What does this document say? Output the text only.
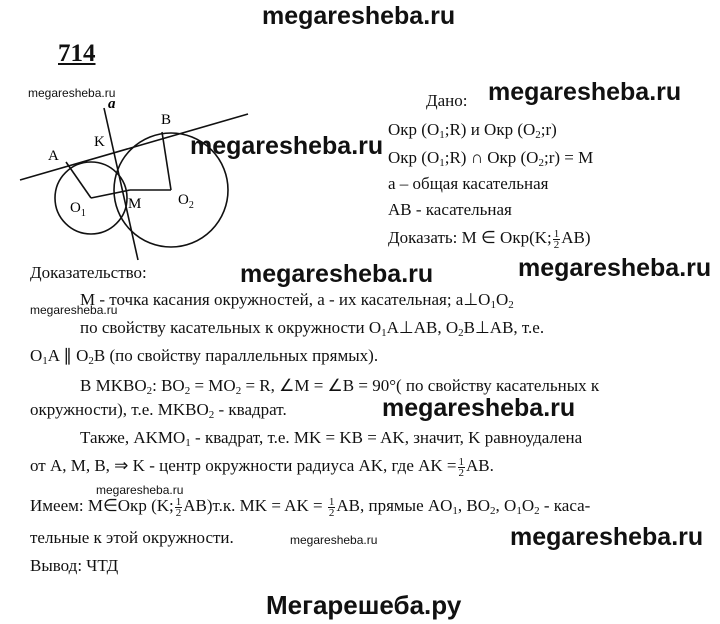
megaresheba.ru
714
megaresheba.ru
a
K
B
A
$O_1$
M $O_2$
Дано: megaresheba.ru
Окр $(O_1;R)$ и Окр $(O_2;r)$
megaresheba.ru Окр $(O_1;R)$ ∩ Окр $(O_2;r) = M$
a – общая касательная
AB - касательная
Доказать: M ∈ Окр(K; $\frac{1}{2} AB$)
Доказательство:	megaresheba.ru	megaresheba.ru
M - точка касания окружностей, a - их касательная; $a\perp O_1O_2$
megaresheba.ru
по свойству касательных к окружности $O_1A\perp AB$, $O_2B\perp AB$, т.е.
$O_1A$ ∥ $O_2B$ (по свойству параллельных прямых).
В $MKBO_2$: $BO_2 = MO_2 = R$, ∠M = ∠B = 90°( по свойству касательных к
окружности), т.е. $MKBO_2$ - квадрат.	megaresheba.ru
Также, $AKMO_1$ - квадрат, т.е. MK = KB = AK, значит, K равноудалена
от A, M, B, ⇒ K - центр окружности радиуса AK, где AK = $\frac{1}{2}$ AB.
megaresheba.ru
Имеем: M∈Окр (K; $\frac{1}{2} AB)т.к$. MK = AK = $\frac{1}{2}$ AB, прямые $AO_1$, $BO_2$, $O_1O_2$ - каса-
тельные к этой окружности.	megaresheba.ru	megaresheba.ru
Вывод: ЧТД
Мегарешеба.ру
